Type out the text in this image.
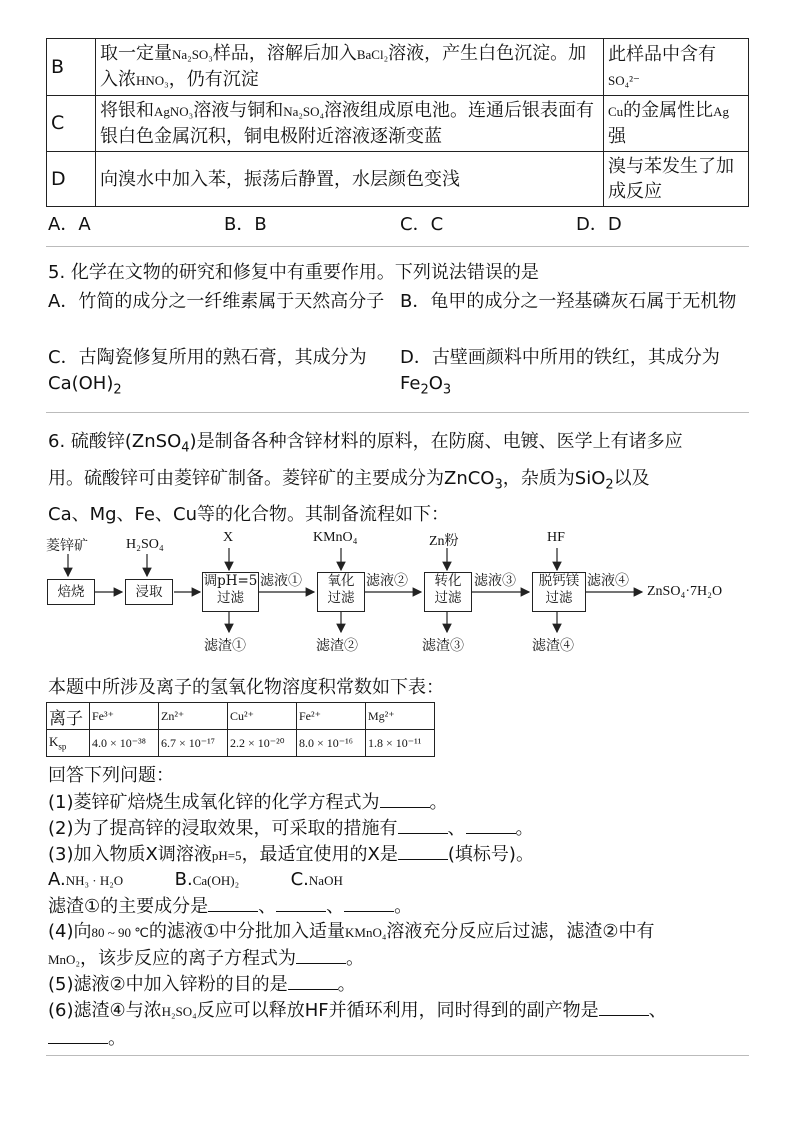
B	取一定量Na₂SO₃样品，溶解后加入BaCl₂溶液，产生白色沉淀。加入浓HNO₃，仍有沉淀	此样品中含有
SO₄²⁻
C	将银和AgNO₃溶液与铜和Na₂SO₄溶液组成原电池。连通后银表面有银白色金属沉积，铜电极附近溶液逐渐变蓝	Cu的金属性比Ag
强
D	向溴水中加入苯，振荡后静置，水层颜色变浅	溴与苯发生了加成反应
A．A	B．B	C．C	D．D
5. 化学在文物的研究和修复中有重要作用。下列说法错误的是
A．竹简的成分之一纤维素属于天然高分子 B．龟甲的成分之一羟基磷灰石属于无机物
C．古陶瓷修复所用的熟石膏，其成分为$Ca(OH)_2$
D．古壁画颜料中所用的铁红，其成分为$Fe_2O_3$
6. 硫酸锌(ZnSO$_4$)是制备各种含锌材料的原料，在防腐、电镀、医学上有诸多应
用。硫酸锌可由菱锌矿制备。菱锌矿的主要成分为ZnCO$_3$，杂质为SiO$_2$以及
Ca、Mg、Fe、Cu等的化合物。其制备流程如下：
菱锌矿	H₂SO₄	X	KMnO₄	Zn粉	HF
焙烧	浸取
调pH=5
过滤
氧化
过滤
转化
过滤
脱钙镁
过滤
滤液①	滤液②	滤液③	滤液④
ZnSO₄·7H₂O
滤渣①	滤渣②	滤渣③	滤渣④
本题中所涉及离子的氢氧化物溶度积常数如下表：
离子	Fe³⁺	Zn²⁺	Cu²⁺	Fe²⁺	Mg²⁺
$K_{sp}$	4.0 × 10⁻³⁸	6.7 × 10⁻¹⁷	2.2 × 10⁻²⁰	8.0 × 10⁻¹⁶	1.8 × 10⁻¹¹
回答下列问题：
(1)菱锌矿焙烧生成氧化锌的化学方程式为	。
(2)为了提高锌的浸取效果，可采取的措施有	、	。
(3)加入物质X调溶液pH=5，最适宜使用的X是	(填标号)。
A.NH₃ · H₂O	B.Ca(OH)₂	C.NaOH
滤渣①的主要成分是	、	、	。
(4)向80 ~ 90 ℃的滤液①中分批加入适量KMnO₄溶液充分反应后过滤，滤渣②中有
MnO₂，该步反应的离子方程式为	。
(5)滤液②中加入锌粉的目的是	。
(6)滤渣④与浓H₂SO₄反应可以释放HF并循环利用，同时得到的副产物是	、
。
